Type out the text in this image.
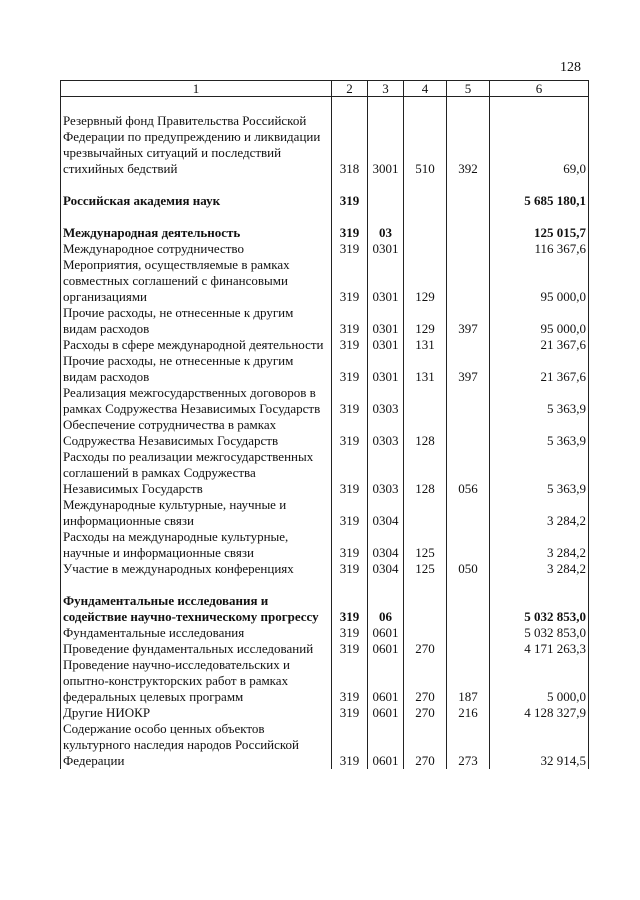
128
1	2	3	4	5	6

Резервный фонд Правительства Российской Федерации по предупреждению и ликвидации чрезвычайных ситуаций и последствий стихийных бедствий	318	3001	510	392	69,0

Российская академия наук	319				5 685 180,1

Международная деятельность	319	03			125 015,7
Международное сотрудничество	319	0301			116 367,6
Мероприятия, осуществляемые в рамках совместных соглашений с финансовыми организациями	319	0301	129		95 000,0
Прочие расходы, не отнесенные к другим видам расходов	319	0301	129	397	95 000,0
Расходы в сфере международной деятельности	319	0301	131		21 367,6
Прочие расходы, не отнесенные к другим видам расходов	319	0301	131	397	21 367,6
Реализация межгосударственных договоров в рамках Содружества Независимых Государств	319	0303			5 363,9
Обеспечение сотрудничества в рамках Содружества Независимых Государств	319	0303	128		5 363,9
Расходы по реализации межгосударственных соглашений в рамках Содружества Независимых Государств	319	0303	128	056	5 363,9
Международные культурные, научные и информационные связи	319	0304			3 284,2
Расходы на международные культурные, научные и информационные связи	319	0304	125		3 284,2
Участие в международных конференциях	319	0304	125	050	3 284,2

Фундаментальные исследования и содействие научно-техническому прогрессу	319	06			5 032 853,0
Фундаментальные исследования	319	0601			5 032 853,0
Проведение фундаментальных исследований	319	0601	270		4 171 263,3
Проведение научно-исследовательских и опытно-конструкторских работ в рамках федеральных целевых программ	319	0601	270	187	5 000,0
Другие НИОКР	319	0601	270	216	4 128 327,9
Содержание особо ценных объектов культурного наследия народов Российской Федерации	319	0601	270	273	32 914,5
